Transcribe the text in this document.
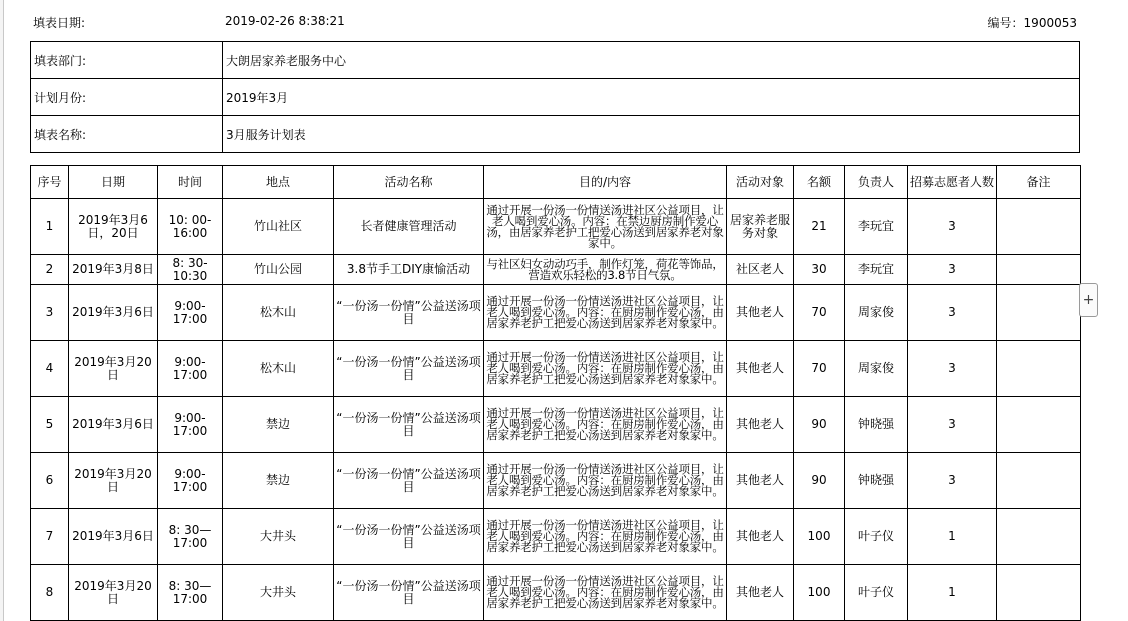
填表日期:	2019-02-26 8:38:21	编号：1900053
填表部门:	大朗居家养老服务中心
计划月份:	2019年3月
填表名称:	3月服务计划表
序号	日期	时间	地点	活动名称	目的/内容	活动对象	名额	负责人	招募志愿者人数	备注
1	2019年3月6日，20日	10: 00-16:00	竹山社区	长者健康管理活动	通过开展一份汤一份情送汤进社区公益项目，让老人喝到爱心汤。内容：在禁边厨房制作爱心汤，由居家养老护工把爱心汤送到居家养老对象家中。	居家养老服务对象	21	李玩宜	3	
2	2019年3月8日	8: 30-10:30	竹山公园	3.8节手工DIY康愉活动	与社区妇女动动巧手，制作灯笼，荷花等饰品，营造欢乐轻松的3.8节日气氛。	社区老人	30	李玩宜	3	
3	2019年3月6日	9:00-17:00	松木山	“一份汤一份情”公益送汤项目	通过开展一份汤一份情送汤进社区公益项目，让老人喝到爱心汤。内容：在厨房制作爱心汤，由居家养老护工把爱心汤送到居家养老对象家中。	其他老人	70	周家俊	3	
4	2019年3月20日	9:00-17:00	松木山	“一份汤一份情”公益送汤项目	通过开展一份汤一份情送汤进社区公益项目，让老人喝到爱心汤。内容：在厨房制作爱心汤，由居家养老护工把爱心汤送到居家养老对象家中。	其他老人	70	周家俊	3	
5	2019年3月6日	9:00-17:00	禁边	“一份汤一份情”公益送汤项目	通过开展一份汤一份情送汤进社区公益项目，让老人喝到爱心汤。内容：在厨房制作爱心汤，由居家养老护工把爱心汤送到居家养老对象家中。	其他老人	90	钟晓强	3	
6	2019年3月20日	9:00-17:00	禁边	“一份汤一份情”公益送汤项目	通过开展一份汤一份情送汤进社区公益项目，让老人喝到爱心汤。内容：在厨房制作爱心汤，由居家养老护工把爱心汤送到居家养老对象家中。	其他老人	90	钟晓强	3	
7	2019年3月6日	8: 30—17:00	大井头	“一份汤一份情”公益送汤项目	通过开展一份汤一份情送汤进社区公益项目，让老人喝到爱心汤。内容：在厨房制作爱心汤，由居家养老护工把爱心汤送到居家养老对象家中。	其他老人	100	叶子仪	1	
8	2019年3月20日	8: 30—17:00	大井头	“一份汤一份情”公益送汤项目	通过开展一份汤一份情送汤进社区公益项目，让老人喝到爱心汤。内容：在厨房制作爱心汤，由居家养老护工把爱心汤送到居家养老对象家中。	其他老人	100	叶子仪	1	
+
